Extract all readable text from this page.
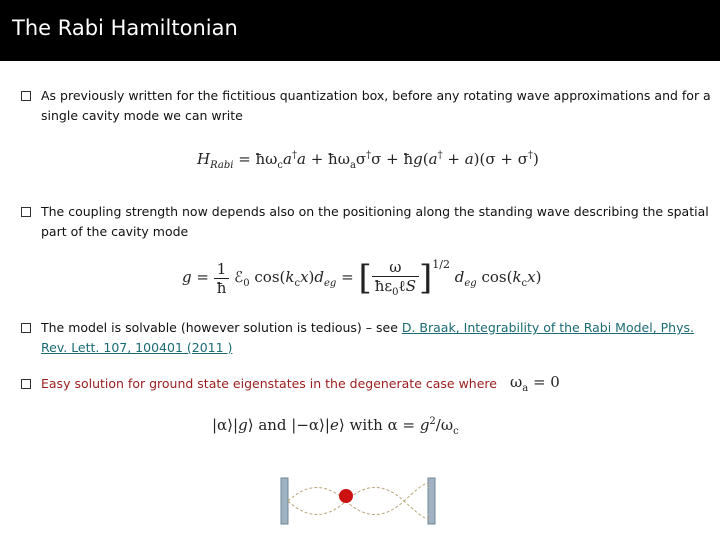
The Rabi Hamiltonian
As previously written for the fictitious quantization box, before any rotating wave approximations and for a single cavity mode we can write
$H_{Rabi}$ = $ħ\omega_ca^\dagger a$ + $ħ\omega_a\sigma^\dagger\sigma$ + ħg(a† + a)(σ + σ†)
The coupling strength now depends also on the positioning along the standing wave describing the spatial part of the cavity mode
$g = \frac{1}{ħ}$ ℰ$_0$ $\cos(k_cx)d_{eg}$ = [ $\frac{\omega}{ħ\varepsilon_0\ell S} ]^{1/2}$ $d_{eg}$ $\cos(k_cx)$
The model is solvable (however solution is tedious) – see D. Braak, Integrability of the Rabi Model, Phys. Rev. Lett. 107, 100401 (2011 )
Easy solution for ground state eigenstates in the degenerate case where $\omega_a = 0$
|α⟩|g⟩ and |−α⟩|e⟩ with $\alpha = g^2/\omega_c$
